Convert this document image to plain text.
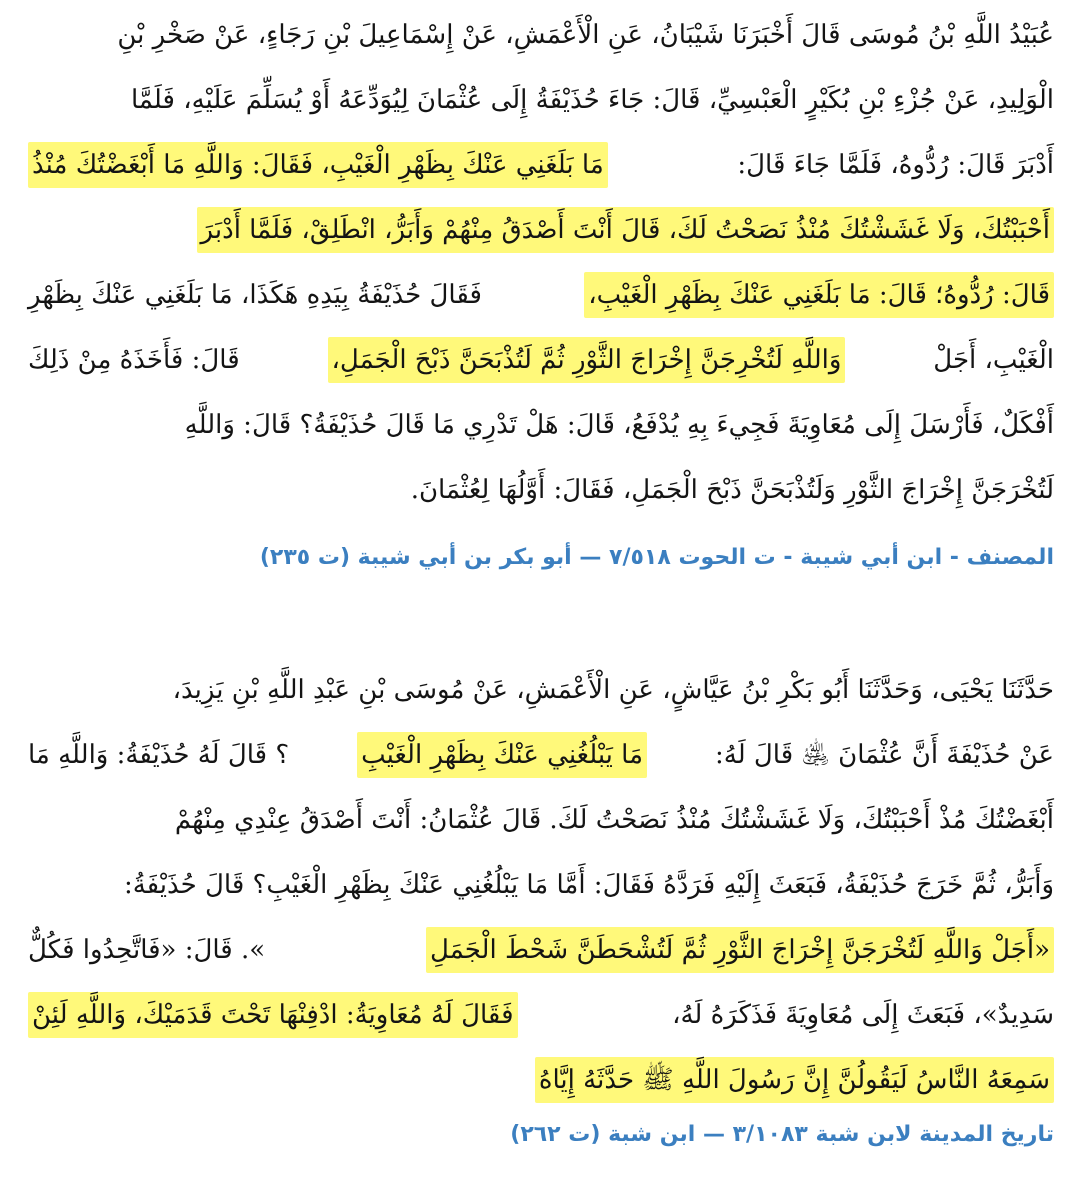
عُبَيْدُ اللَّهِ بْنُ مُوسَى قَالَ أَخْبَرَنَا شَيْبَانُ، عَنِ الْأَعْمَشِ، عَنْ إِسْمَاعِيلَ بْنِ رَجَاءٍ، عَنْ صَخْرِ بْنِ
الْوَلِيدِ، عَنْ جُزْءِ بْنِ بُكَيْرٍ الْعَبْسِيِّ، قَالَ: جَاءَ حُذَيْفَةُ إِلَى عُثْمَانَ لِيُوَدِّعَهُ أَوْ يُسَلِّمَ عَلَيْهِ، فَلَمَّا
أَدْبَرَ قَالَ: رُدُّوهُ، فَلَمَّا جَاءَ قَالَ:
مَا بَلَغَنِي عَنْكَ بِظَهْرِ الْغَيْبِ، فَقَالَ: وَاللَّهِ مَا أَبْغَضْتُكَ مُنْذُ
أَحْبَبْتُكَ، وَلَا غَشَشْتُكَ مُنْذُ نَصَحْتُ لَكَ، قَالَ أَنْتَ أَصْدَقُ مِنْهُمْ وَأَبَرُّ، انْطَلِقْ، فَلَمَّا أَدْبَرَ
قَالَ: رُدُّوهُ؛ قَالَ: مَا بَلَغَنِي عَنْكَ بِظَهْرِ الْغَيْبِ،
فَقَالَ حُذَيْفَةُ بِيَدِهِ هَكَذَا، مَا بَلَغَنِي عَنْكَ بِظَهْرِ
الْغَيْبِ، أَجَلْ
وَاللَّهِ لَتُخْرِجَنَّ إِخْرَاجَ الثَّوْرِ ثُمَّ لَتُذْبَحَنَّ ذَبْحَ الْجَمَلِ،
قَالَ: فَأَخَذَهُ مِنْ ذَلِكَ
أَفْكَلٌ، فَأَرْسَلَ إِلَى مُعَاوِيَةَ فَجِيءَ بِهِ يُدْفَعُ، قَالَ: هَلْ تَدْرِي مَا قَالَ حُذَيْفَةُ؟ قَالَ: وَاللَّهِ
لَتُخْرَجَنَّ إِخْرَاجَ الثَّوْرِ وَلَتُذْبَحَنَّ ذَبْحَ الْجَمَلِ، فَقَالَ: أَوَّلُهَا لِعُثْمَانَ.
المصنف - ابن أبي شيبة - ت الحوت ٧/٥١٨ — أبو بكر بن أبي شيبة (ت ٢٣٥)
حَدَّثَنَا يَحْيَى، وَحَدَّثَنَا أَبُو بَكْرِ بْنُ عَيَّاشٍ، عَنِ الْأَعْمَشِ، عَنْ مُوسَى بْنِ عَبْدِ اللَّهِ بْنِ يَزِيدَ،
عَنْ حُذَيْفَةَ أَنَّ عُثْمَانَ ﵁ قَالَ لَهُ:
مَا يَبْلُغُنِي عَنْكَ بِظَهْرِ الْغَيْبِ
؟ قَالَ لَهُ حُذَيْفَةُ: وَاللَّهِ مَا
أَبْغَضْتُكَ مُذْ أَحْبَبْتُكَ، وَلَا غَشَشْتُكَ مُنْذُ نَصَحْتُ لَكَ. قَالَ عُثْمَانُ: أَنْتَ أَصْدَقُ عِنْدِي مِنْهُمْ
وَأَبَرُّ، ثُمَّ خَرَجَ حُذَيْفَةُ، فَبَعَثَ إِلَيْهِ فَرَدَّهُ فَقَالَ: أَمَّا مَا يَبْلُغُنِي عَنْكَ بِظَهْرِ الْغَيْبِ؟ قَالَ حُذَيْفَةُ:
«أَجَلْ وَاللَّهِ لَتُخْرَجَنَّ إِخْرَاجَ الثَّوْرِ ثُمَّ لَتُشْحَطَنَّ شَحْطَ الْجَمَلِ
». قَالَ: «فَاتَّحِدُوا فَكُلٌّ
سَدِيدٌ»، فَبَعَثَ إِلَى مُعَاوِيَةَ فَذَكَرَهُ لَهُ،
فَقَالَ لَهُ مُعَاوِيَةُ: ادْفِنْهَا تَحْتَ قَدَمَيْكَ، وَاللَّهِ لَئِنْ
سَمِعَهُ النَّاسُ لَيَقُولُنَّ إِنَّ رَسُولَ اللَّهِ ﷺ حَدَّثَهُ إِيَّاهُ
تاريخ المدينة لابن شبة ٣/١٠٨٣ — ابن شبة (ت ٢٦٢)
